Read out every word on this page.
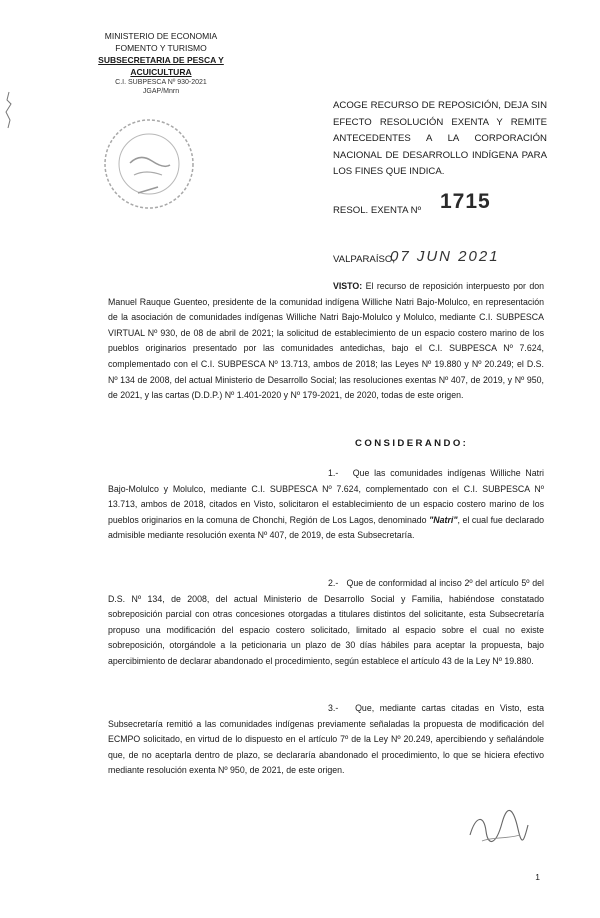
MINISTERIO DE ECONOMIA
FOMENTO Y TURISMO
SUBSECRETARIA DE PESCA Y ACUICULTURA
C.I. SUBPESCA Nº 930-2021
JGAP/Mnrn
ACOGE RECURSO DE REPOSICIÓN, DEJA SIN EFECTO RESOLUCIÓN EXENTA Y REMITE ANTECEDENTES A LA CORPORACIÓN NACIONAL DE DESARROLLO INDÍGENA PARA LOS FINES QUE INDICA.
RESOL. EXENTA Nº 1715
VALPARAÍSO,
07 JUN 2021
VISTO: El recurso de reposición interpuesto por don Manuel Rauque Guenteo, presidente de la comunidad indígena Williche Natri Bajo-Molulco, en representación de la asociación de comunidades indígenas Williche Natri Bajo-Molulco y Molulco, mediante C.I. SUBPESCA VIRTUAL Nº 930, de 08 de abril de 2021; la solicitud de establecimiento de un espacio costero marino de los pueblos originarios presentado por las comunidades antedichas, bajo el C.I. SUBPESCA Nº 7.624, complementado con el C.I. SUBPESCA Nº 13.713, ambos de 2018; las Leyes Nº 19.880 y Nº 20.249; el D.S. Nº 134 de 2008, del actual Ministerio de Desarrollo Social; las resoluciones exentas Nº 407, de 2019, y Nº 950, de 2021, y las cartas (D.D.P.) Nº 1.401-2020 y Nº 179-2021, de 2020, todas de este origen.
CONSIDERANDO:
1.- Que las comunidades indígenas Williche Natri Bajo-Molulco y Molulco, mediante C.I. SUBPESCA Nº 7.624, complementado con el C.I. SUBPESCA Nº 13.713, ambos de 2018, citados en Visto, solicitaron el establecimiento de un espacio costero marino de los pueblos originarios en la comuna de Chonchi, Región de Los Lagos, denominado "Natri", el cual fue declarado admisible mediante resolución exenta Nº 407, de 2019, de esta Subsecretaría.
2.- Que de conformidad al inciso 2º del artículo 5º del D.S. Nº 134, de 2008, del actual Ministerio de Desarrollo Social y Familia, habiéndose constatado sobreposición parcial con otras concesiones otorgadas a titulares distintos del solicitante, esta Subsecretaría propuso una modificación del espacio costero solicitado, limitado al espacio sobre el cual no existe sobreposición, otorgándole a la peticionaria un plazo de 30 días hábiles para aceptar la propuesta, bajo apercibimiento de declarar abandonado el procedimiento, según establece el artículo 43 de la Ley Nº 19.880.
3.- Que, mediante cartas citadas en Visto, esta Subsecretaría remitió a las comunidades indígenas previamente señaladas la propuesta de modificación del ECMPO solicitado, en virtud de lo dispuesto en el artículo 7º de la Ley Nº 20.249, apercibiendo y señalándole que, de no aceptarla dentro de plazo, se declararía abandonado el procedimiento, lo que se hiciera efectivo mediante resolución exenta Nº 950, de 2021, de este origen.
1
